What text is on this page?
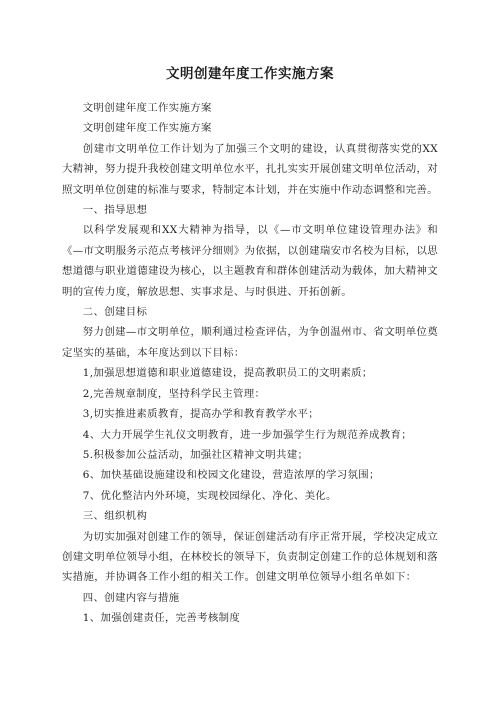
文明创建年度工作实施方案

文明创建年度工作实施方案

文明创建年度工作实施方案

创建市文明单位工作计划为了加强三个文明的建设，认真贯彻落实党的XX大精神，努力提升我校创建文明单位水平，扎扎实实开展创建文明单位活动，对照文明单位创建的标准与要求，特制定本计划，并在实施中作动态调整和完善。

一、指导思想

以科学发展观和XX大精神为指导，以《—市文明单位建设管理办法》和《—市文明服务示范点考核评分细则》为依据，以创建瑞安市名校为目标，以思想道德与职业道德建设为核心，以主题教育和群体创建活动为载体，加大精神文明的宣传力度，解放思想、实事求是、与时俱进、开拓创新。

二、创建目标

努力创建—市文明单位，顺利通过检查评估，为争创温州市、省文明单位奠定坚实的基础，本年度达到以下目标：

1,加强思想道德和职业道德建设，提高教职员工的文明素质；

2,完善规章制度，坚持科学民主管理：

3,切实推进素质教育，提高办学和教育教学水平；

4、大力开展学生礼仪文明教育，进一步加强学生行为规范养成教育；

5.积极参加公益活动，加强社区精神文明共建；

6、加快基础设施建设和校园文化建设，营造浓厚的学习氛围；

7、优化整洁内外环境，实现校园绿化、净化、美化。

三、组织机构

为切实加强对创建工作的领导，保证创建活动有序正常开展，学校决定成立创建文明单位领导小组，在林校长的领导下，负责制定创建工作的总体规划和落实措施，并协调各工作小组的相关工作。创建文明单位领导小组名单如下：

四、创建内容与措施

1、加强创建责任，完善考核制度
